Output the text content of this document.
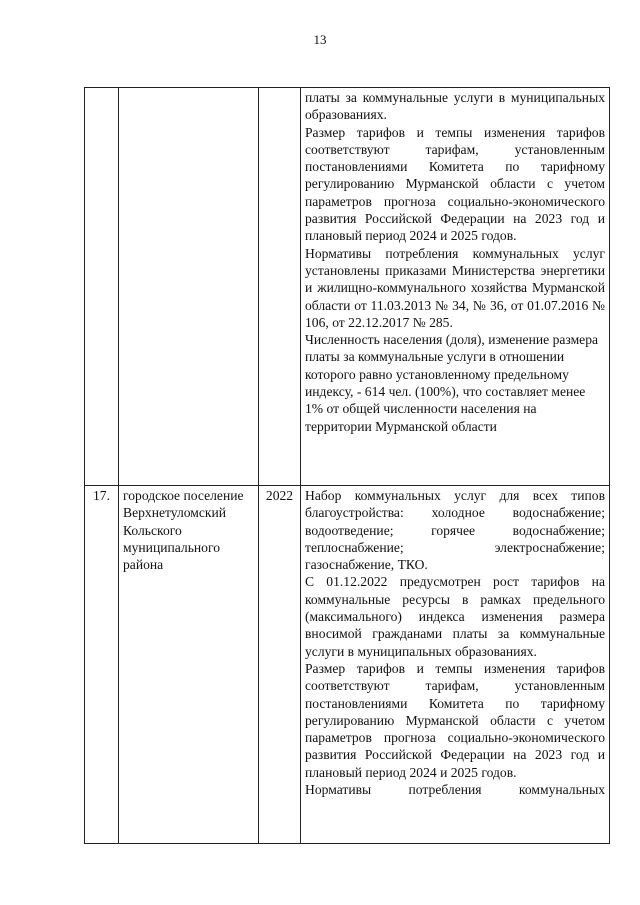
13

			платы за коммунальные услуги в муниципальных образованиях.

Размер тарифов и темпы изменения тарифов соответствуют тарифам, установленным постановлениями Комитета по тарифному регулированию Мурманской области с учетом параметров прогноза социально-экономического развития Российской Федерации на 2023 год и плановый период 2024 и 2025 годов.

Нормативы потребления коммунальных услуг установлены приказами Министерства энергетики и жилищно-коммунального хозяйства Мурманской области от 11.03.2013 № 34, № 36, от 01.07.2016 № 106, от 22.12.2017 № 285.

Численность населения (доля), изменение размера платы за коммунальные услуги в отношении которого равно установленному предельному индексу, - 614 чел. (100%), что составляет менее 1% от общей численности населения на территории Мурманской области

17.	городское поселение Верхнетуломский Кольского муниципального района	2022	Набор коммунальных услуг для всех типов благоустройства: холодное водоснабжение; водоотведение; горячее водоснабжение; теплоснабжение; электроснабжение; газоснабжение, ТКО.

С 01.12.2022 предусмотрен рост тарифов на коммунальные ресурсы в рамках предельного (максимального) индекса изменения размера вносимой гражданами платы за коммунальные услуги в муниципальных образованиях.

Размер тарифов и темпы изменения тарифов соответствуют тарифам, установленным постановлениями Комитета по тарифному регулированию Мурманской области с учетом параметров прогноза социально-экономического развития Российской Федерации на 2023 год и плановый период 2024 и 2025 годов.

Нормативы потребления коммунальных
